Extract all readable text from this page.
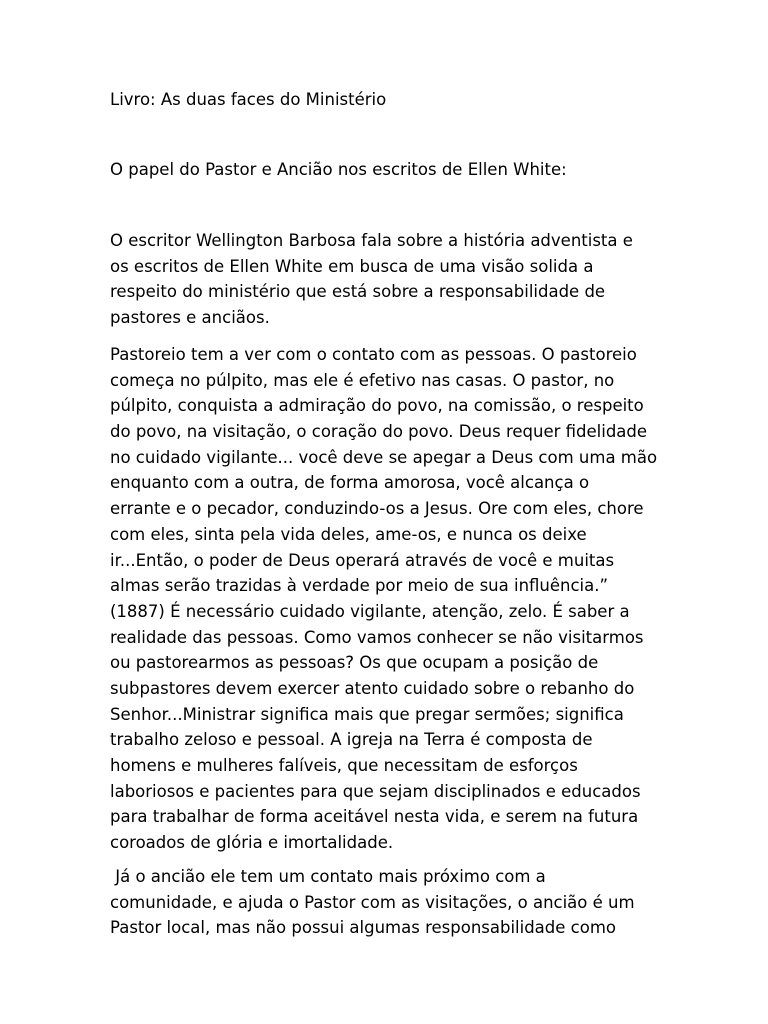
Livro: As duas faces do Ministério

O papel do Pastor e Ancião nos escritos de Ellen White:

O escritor Wellington Barbosa fala sobre a história adventista e
os escritos de Ellen White em busca de uma visão solida a
respeito do ministério que está sobre a responsabilidade de
pastores e anciãos.
Pastoreio tem a ver com o contato com as pessoas. O pastoreio
começa no púlpito, mas ele é efetivo nas casas. O pastor, no
púlpito, conquista a admiração do povo, na comissão, o respeito
do povo, na visitação, o coração do povo. Deus requer fidelidade
no cuidado vigilante... você deve se apegar a Deus com uma mão
enquanto com a outra, de forma amorosa, você alcança o
errante e o pecador, conduzindo-os a Jesus. Ore com eles, chore
com eles, sinta pela vida deles, ame-os, e nunca os deixe
ir...Então, o poder de Deus operará através de você e muitas
almas serão trazidas à verdade por meio de sua influência.”
(1887) É necessário cuidado vigilante, atenção, zelo. É saber a
realidade das pessoas. Como vamos conhecer se não visitarmos
ou pastorearmos as pessoas? Os que ocupam a posição de
subpastores devem exercer atento cuidado sobre o rebanho do
Senhor...Ministrar significa mais que pregar sermões; significa
trabalho zeloso e pessoal. A igreja na Terra é composta de
homens e mulheres falíveis, que necessitam de esforços
laboriosos e pacientes para que sejam disciplinados e educados
para trabalhar de forma aceitável nesta vida, e serem na futura
coroados de glória e imortalidade.
Já o ancião ele tem um contato mais próximo com a
comunidade, e ajuda o Pastor com as visitações, o ancião é um
Pastor local, mas não possui algumas responsabilidade como
